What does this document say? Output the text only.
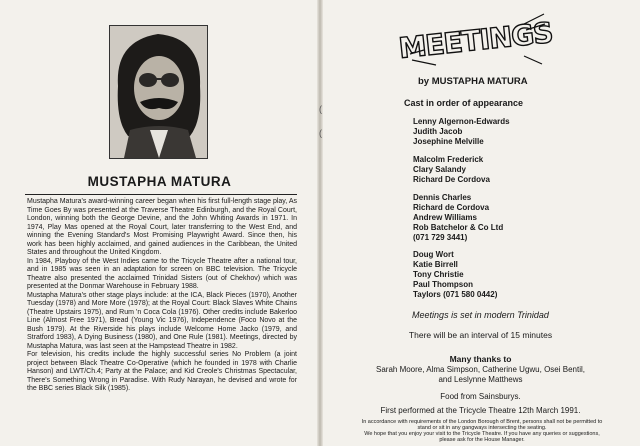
MUSTAPHA MATURA

Mustapha Matura's award-winning career began when his first full-length stage play, As Time Goes By was presented at the Traverse Theatre Edinburgh, and the Royal Court, London, winning both the George Devine, and the John Whiting Awards in 1971. In 1974, Play Mas opened at the Royal Court, later transferring to the West End, and winning the Evening Standard's Most Promising Playwright Award. Since then, his work has been highly acclaimed, and gained audiences in the Caribbean, the United States and throughout the United Kingdom.

In 1984, Playboy of the West Indies came to the Tricycle Theatre after a national tour, and in 1985 was seen in an adaptation for screen on BBC television. The Tricycle Theatre also presented the acclaimed Trinidad Sisters (out of Chekhov) which was presented at the Donmar Warehouse in February 1988.

Mustapha Matura's other stage plays include: at the ICA, Black Pieces (1970), Another Tuesday (1978) and More More (1978); at the Royal Court: Black Slaves White Chains (Theatre Upstairs 1975), and Rum 'n Coca Cola (1976). Other credits include Bakerloo Line (Almost Free 1971), Bread (Young Vic 1976), Independence (Foco Novo at the Bush 1979). At the Riverside his plays include Welcome Home Jacko (1979, and Stratford 1983), A Dying Business (1980), and One Rule (1981). Meetings, directed by Mustapha Matura, was last seen at the Hampstead Theatre in 1982.

For television, his credits include the highly successful series No Problem (a joint project between Black Theatre Co-Operative (which he founded in 1978 with Charlie Hanson) and LWT/Ch.4; Party at the Palace; and Kid Creole's Christmas Spectacular, There's Something Wrong in Paradise. With Rudy Narayan, he devised and wrote for the BBC series Black Silk (1985).

(
(
MEETINGS
by MUSTAPHA MATURA
Cast in order of appearance
Lenny Algernon-Edwards
Judith Jacob
Josephine Melville
Malcolm Frederick
Clary Salandy
Richard De Cordova
Dennis Charles
Richard de Cordova
Andrew Williams
Rob Batchelor & Co Ltd
(071 729 3441)
Doug Wort
Katie Birrell
Tony Christie
Paul Thompson
Taylors (071 580 0442)
Meetings is set in modern Trinidad
There will be an interval of 15 minutes
Many thanks to
Sarah Moore, Alma Simpson, Catherine Ugwu, Osei Bentil,
and Leslynne Matthews
Food from Sainsburys.
First performed at the Tricycle Theatre 12th March 1991.
In accordance with requirements of the London Borough of Brent, persons shall not be permitted to
stand or sit in any gangways intersecting the seating.
We hope that you enjoy your visit to the Tricycle Theatre. If you have any queries or suggestions,
please ask for the House Manager.
